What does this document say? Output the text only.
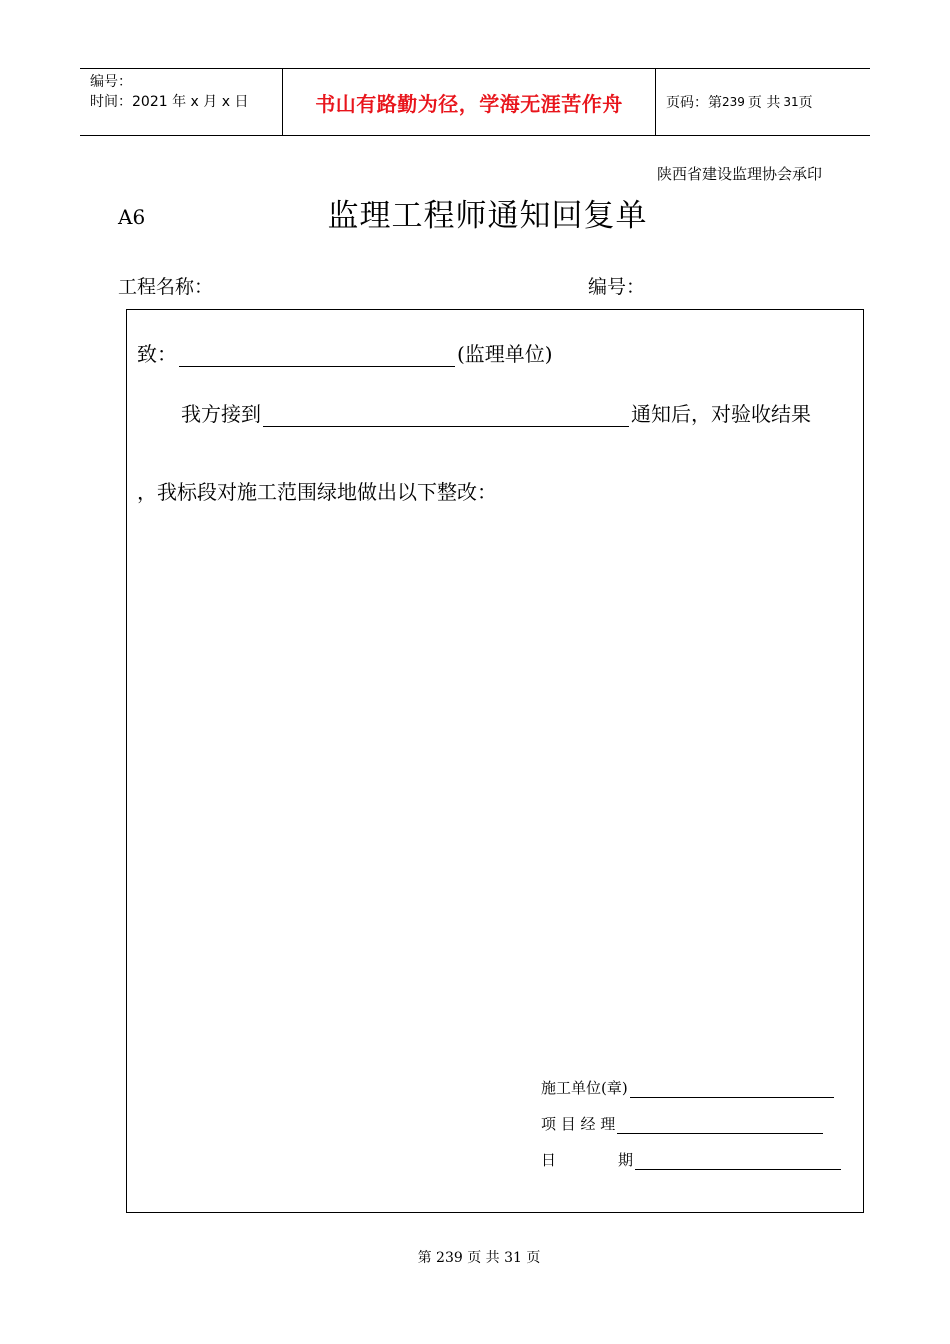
编号：
时间：2021 年 x 月 x 日	书山有路勤为径，学海无涯苦作舟	页码：第 239 页 共 31 页
陕西省建设监理协会承印
A6	监理工程师通知回复单
工程名称：	编号：
致：	(监理单位)
我方接到	通知后，对验收结果
，我标段对施工范围绿地做出以下整改：
施工单位(章)
项 目 经 理
日	期
第 239 页 共 31 页
